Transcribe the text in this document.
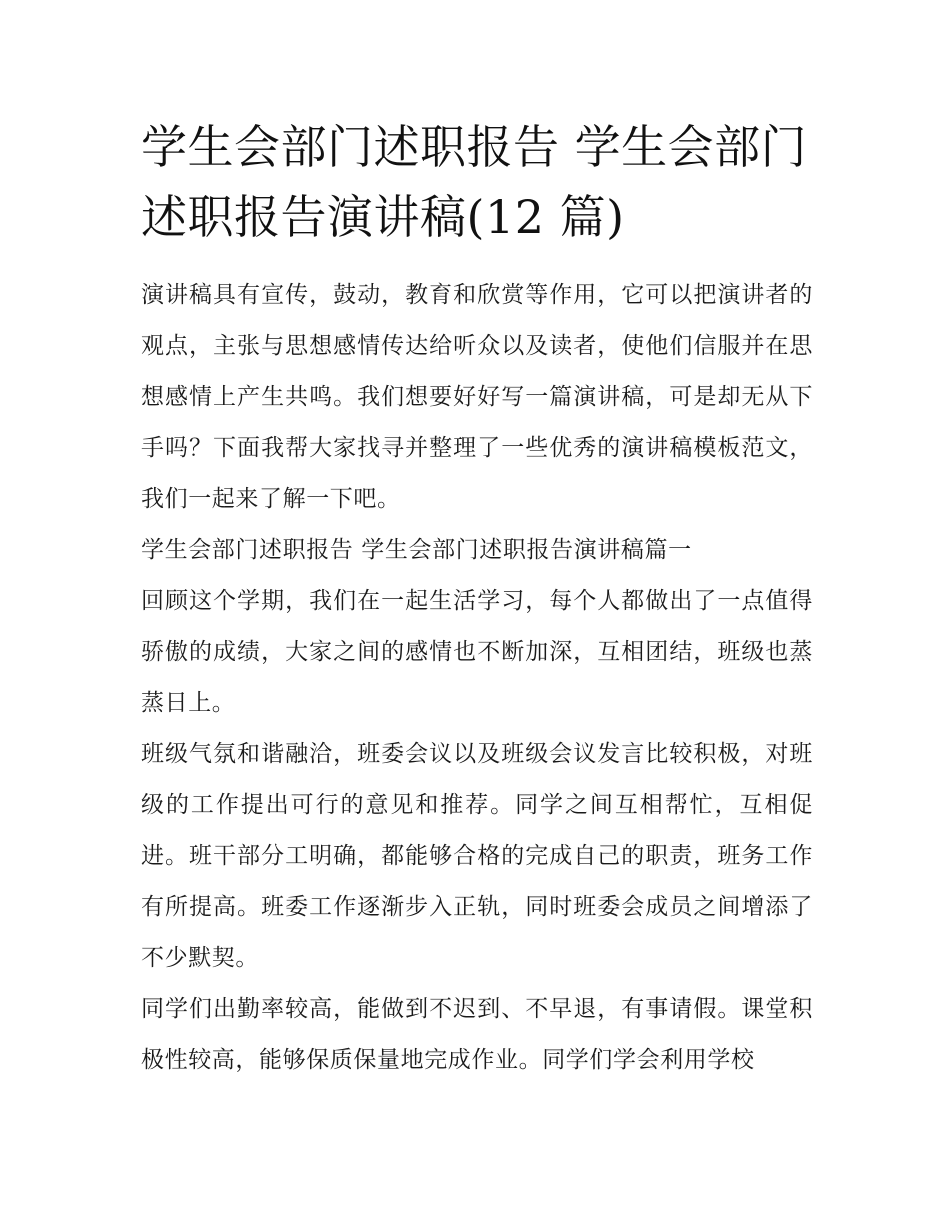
学生会部门述职报告 学生会部门述职报告演讲稿(12 篇)

演讲稿具有宣传，鼓动，教育和欣赏等作用，它可以把演讲者的观点，主张与思想感情传达给听众以及读者，使他们信服并在思想感情上产生共鸣。我们想要好好写一篇演讲稿，可是却无从下手吗？下面我帮大家找寻并整理了一些优秀的演讲稿模板范文，我们一起来了解一下吧。

学生会部门述职报告 学生会部门述职报告演讲稿篇一

回顾这个学期，我们在一起生活学习，每个人都做出了一点值得骄傲的成绩，大家之间的感情也不断加深，互相团结，班级也蒸蒸日上。

班级气氛和谐融洽，班委会议以及班级会议发言比较积极，对班级的工作提出可行的意见和推荐。同学之间互相帮忙，互相促进。班干部分工明确，都能够合格的完成自己的职责，班务工作有所提高。班委工作逐渐步入正轨，同时班委会成员之间增添了不少默契。

同学们出勤率较高，能做到不迟到、不早退，有事请假。课堂积极性较高，能够保质保量地完成作业。同学们学会利用学校
